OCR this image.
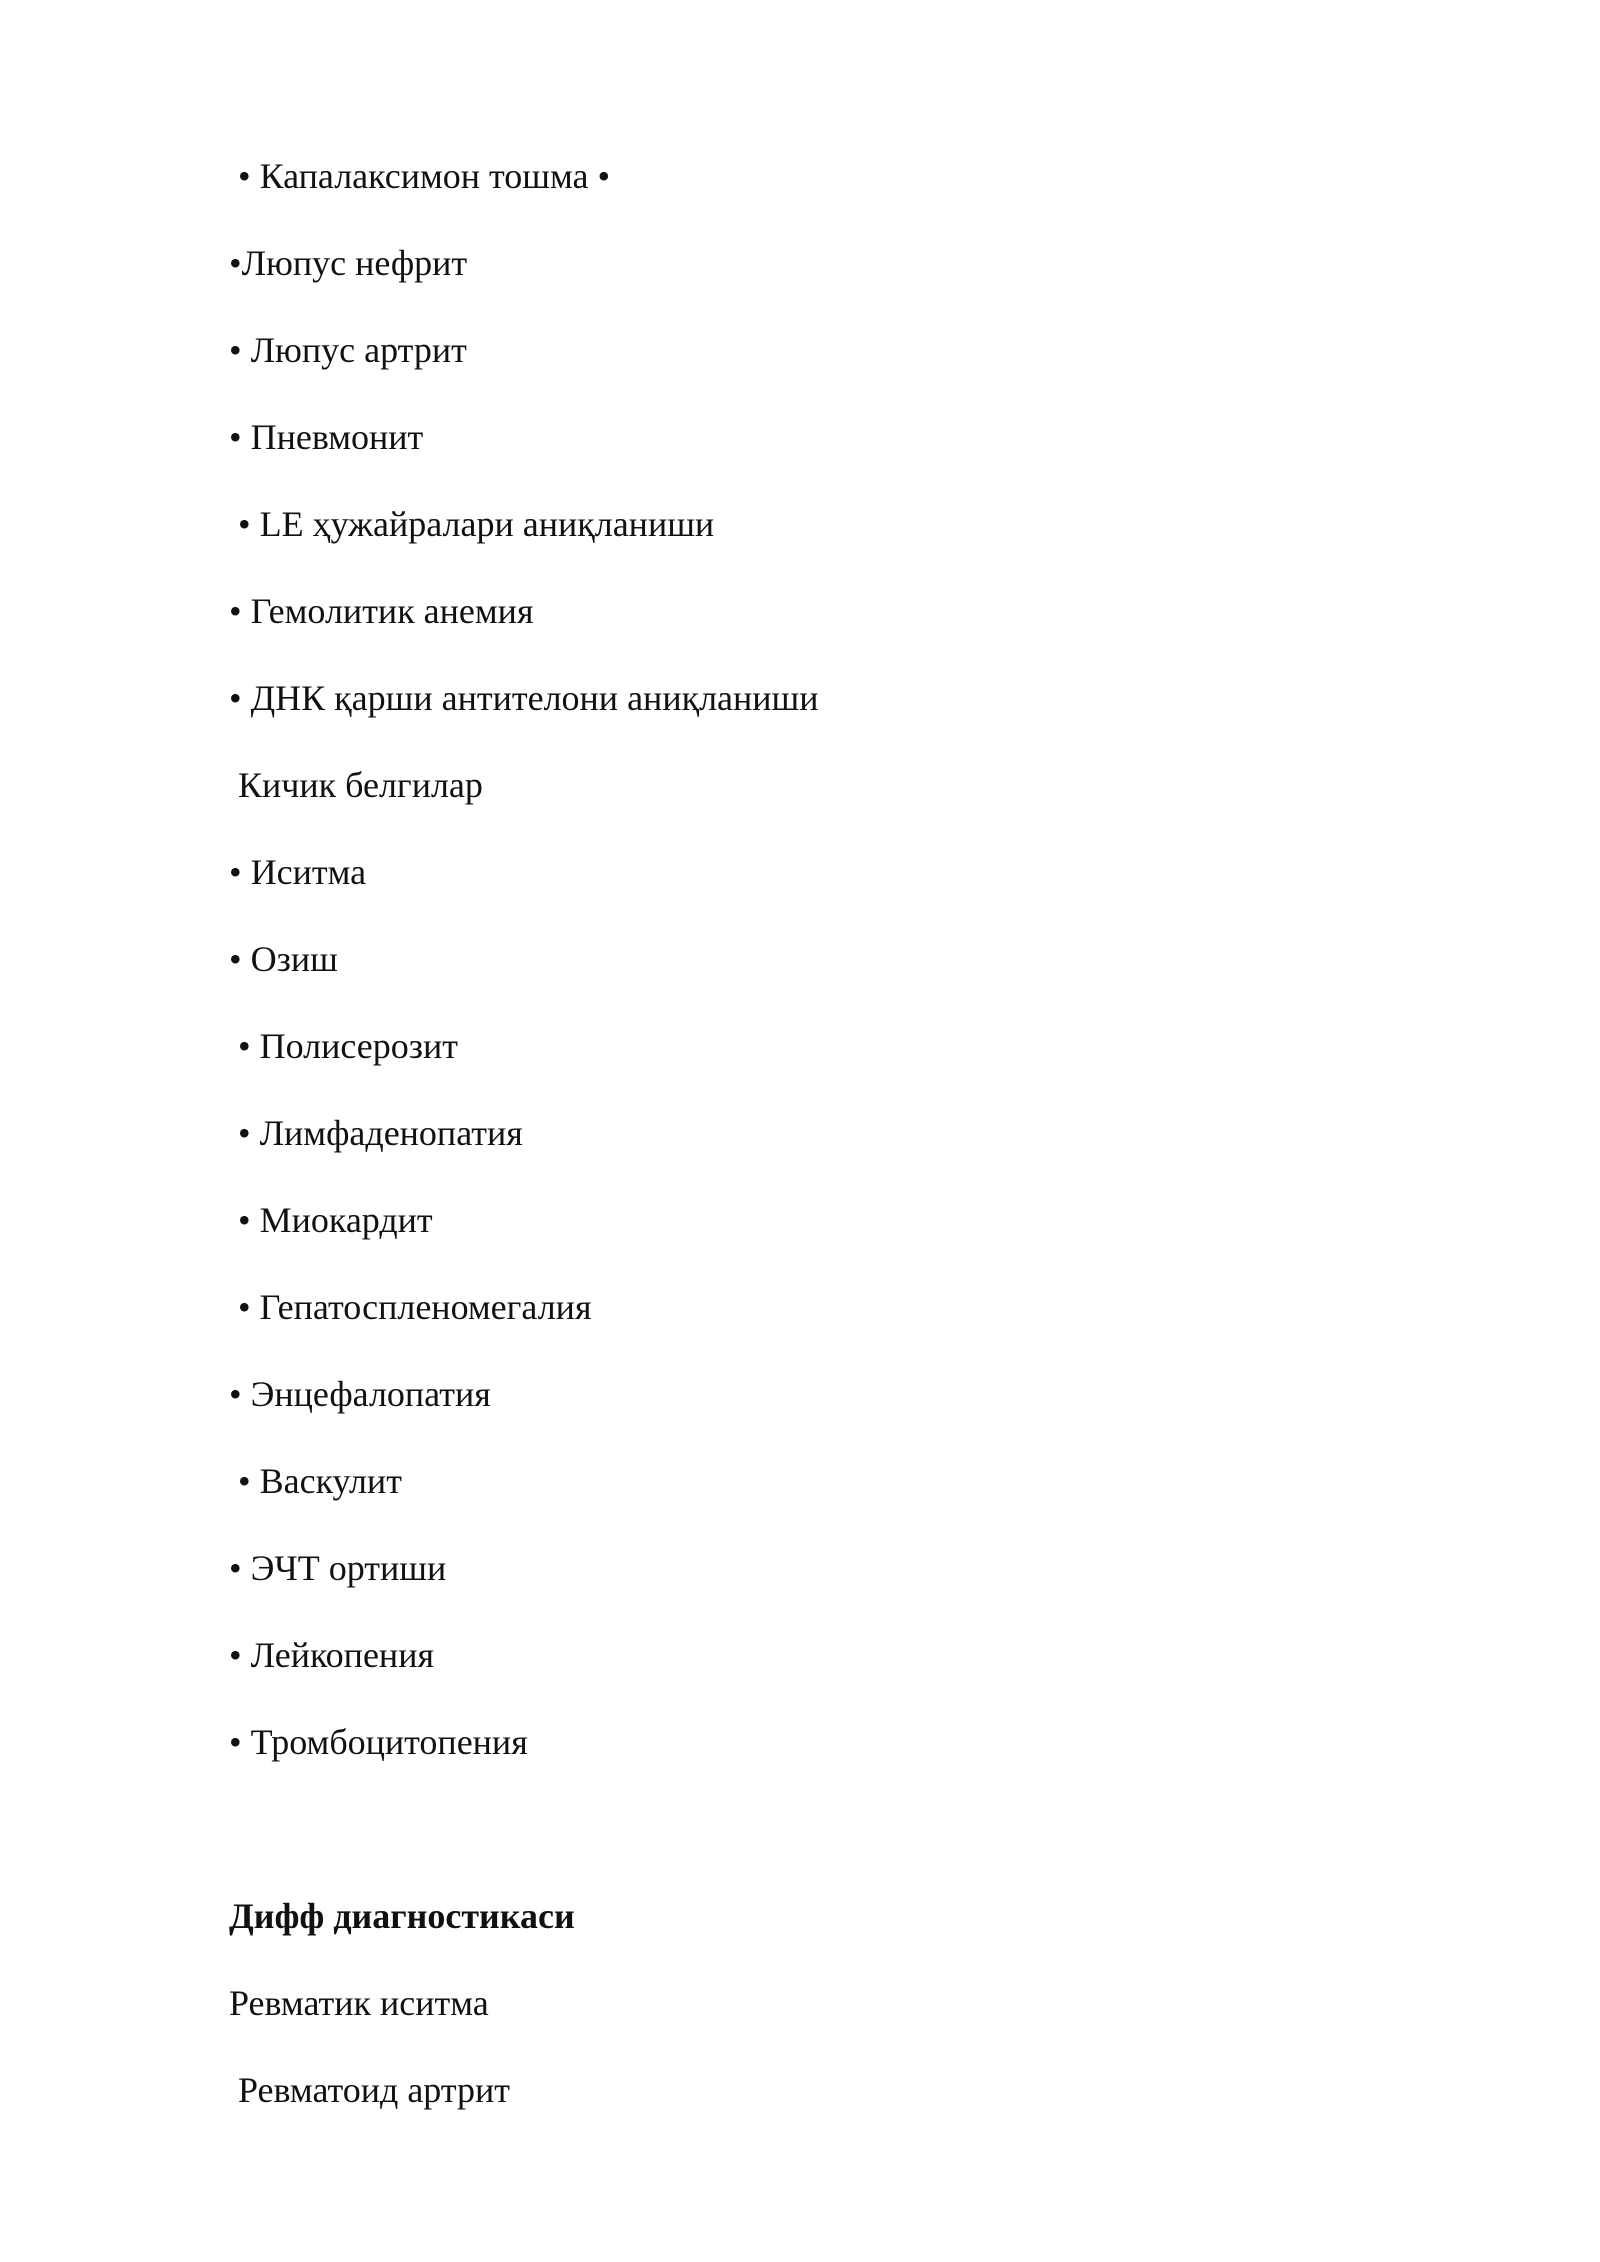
• Капалаксимон тошма •
•Люпус нефрит
• Люпус артрит
• Пневмонит
• LE ҳужайралари аниқланиши
• Гемолитик анемия
• ДНК қарши антителони аниқланиши
Кичик белгилар
• Иситма
• Озиш
• Полисерозит
• Лимфаденопатия
• Миокардит
• Гепатоспленомегалия
• Энцефалопатия
• Васкулит
• ЭЧТ ортиши
• Лейкопения
• Тромбоцитопения
Дифф диагностикаси
Ревматик иситма
Ревматоид артрит
